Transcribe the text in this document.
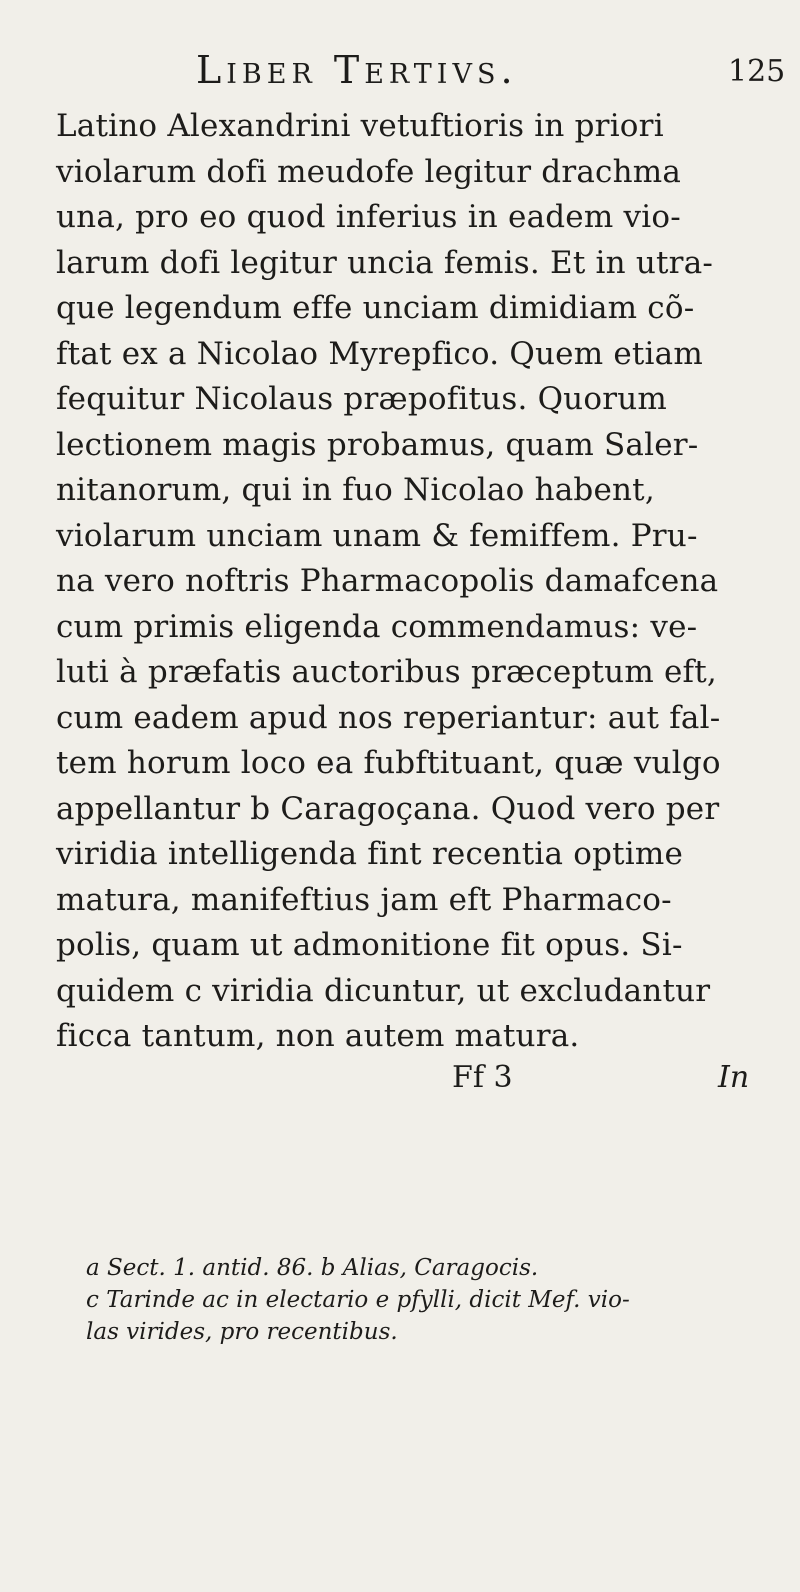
Liber Tertivs.	125
Latino Alexandrini vetuftioris in priori
violarum dofi meudofe legitur drachma
una, pro eo quod inferius in eadem vio-
larum dofi legitur uncia femis. Et in utra-
que legendum effe unciam dimidiam cõ-
ftat ex a Nicolao Myrepfico. Quem etiam
fequitur Nicolaus præpofitus. Quorum
lectionem magis probamus, quam Saler-
nitanorum, qui in fuo Nicolao habent,
violarum unciam unam & femiffem. Pru-
na vero noftris Pharmacopolis damafcena
cum primis eligenda commendamus: ve-
luti à præfatis auctoribus præceptum eft,
cum eadem apud nos reperiantur: aut fal-
tem horum loco ea fubftituant, quæ vulgo
appellantur b Caragoçana. Quod vero per
viridia intelligenda fint recentia optime
matura, manifeftius jam eft Pharmaco-
polis, quam ut admonitione fit opus. Si-
quidem c viridia dicuntur, ut excludantur
ficca tantum, non autem matura.
Ff 3	In
a Sect. 1. antid. 86. b Alias, Caragocis.
c Tarinde ac in electario e pfylli, dicit Mef. vio-
las virides, pro recentibus.
